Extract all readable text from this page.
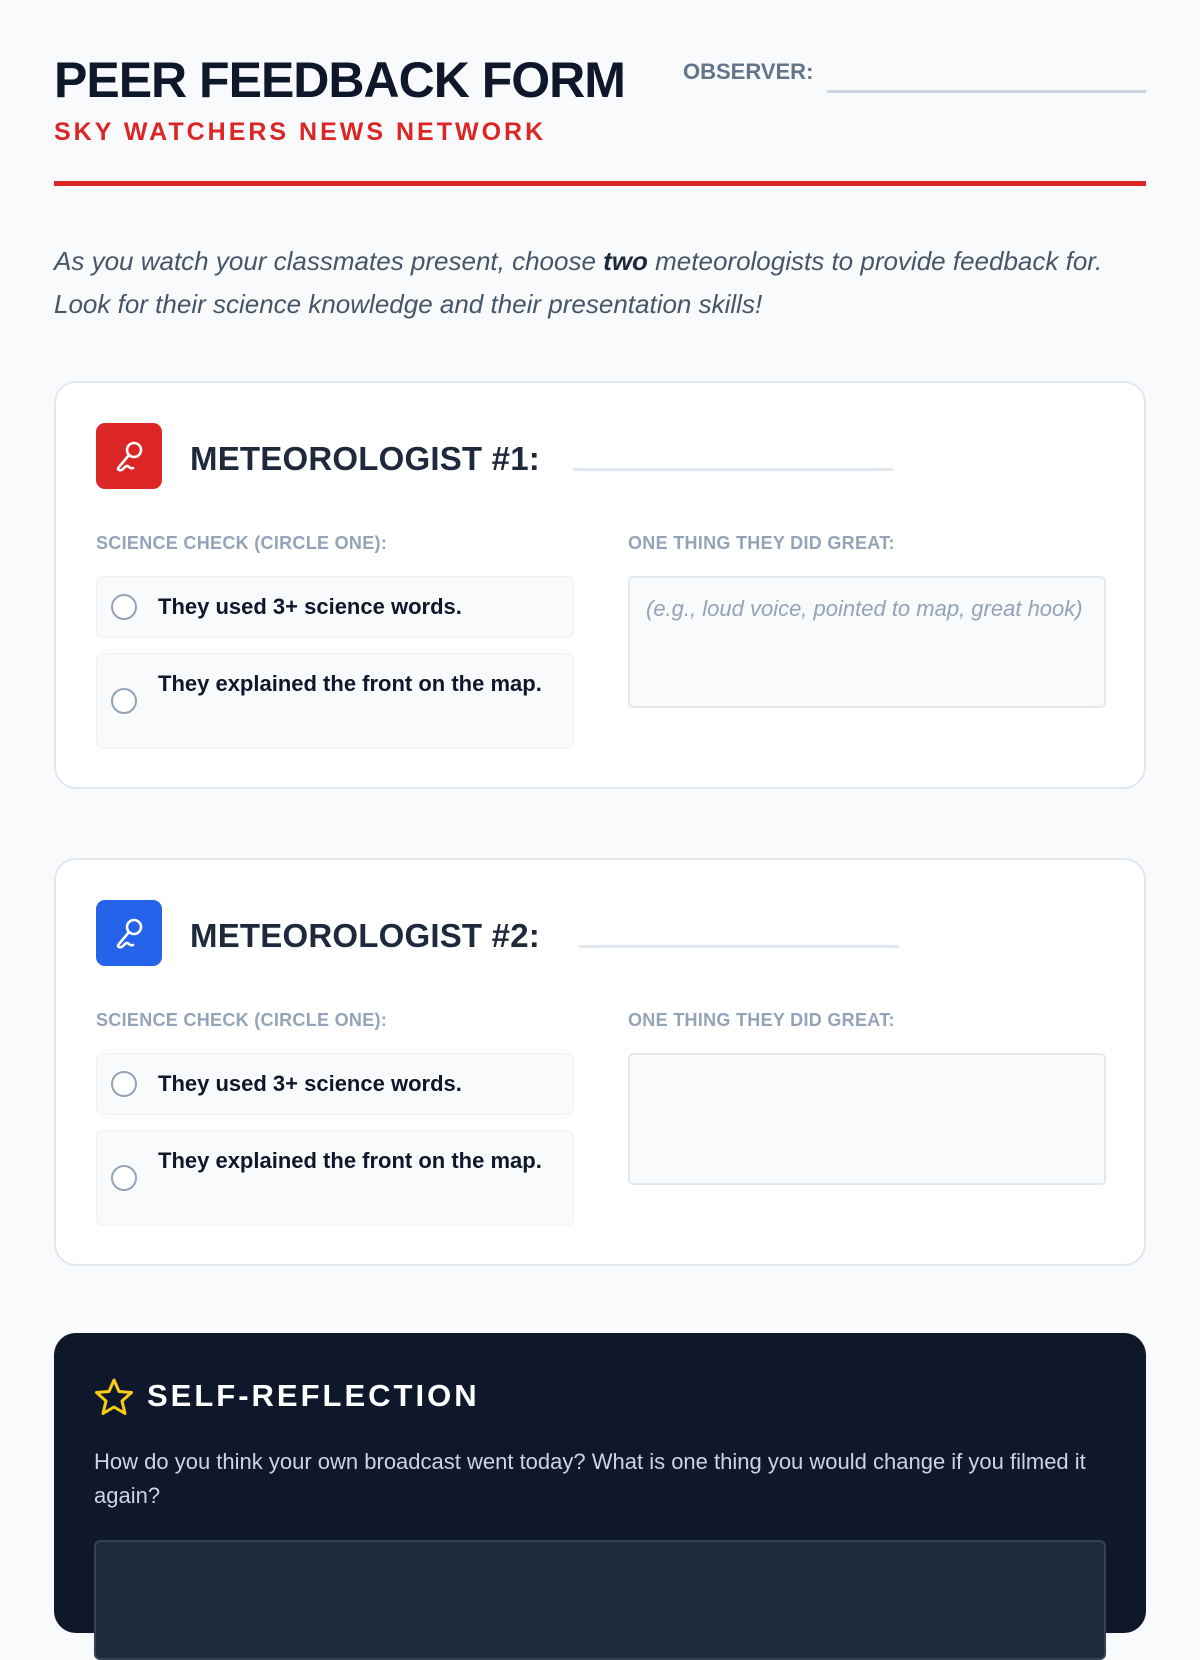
PEER FEEDBACK FORM	OBSERVER:
SKY WATCHERS NEWS NETWORK
As you watch your classmates present, choose two meteorologists to provide feedback for. Look for their science knowledge and their presentation skills!
METEOROLOGIST #1:
SCIENCE CHECK (CIRCLE ONE):	ONE THING THEY DID GREAT:
They used 3+ science words.
They explained the front on the map.
(e.g., loud voice, pointed to map, great hook)
METEOROLOGIST #2:
SCIENCE CHECK (CIRCLE ONE):	ONE THING THEY DID GREAT:
They used 3+ science words.
They explained the front on the map.
SELF-REFLECTION
How do you think your own broadcast went today? What is one thing you would change if you filmed it again?
